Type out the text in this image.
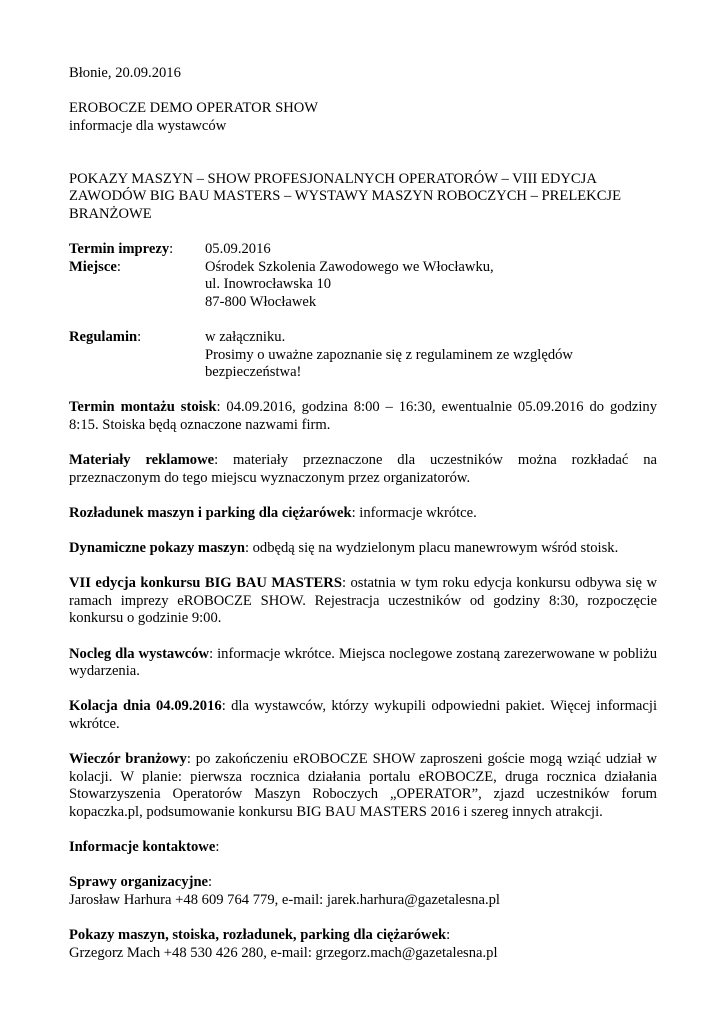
Błonie, 20.09.2016

EROBOCZE DEMO OPERATOR SHOW

informacje dla wystawców

POKAZY MASZYN – SHOW PROFESJONALNYCH OPERATORÓW – VIII EDYCJA
ZAWODÓW BIG BAU MASTERS – WYSTAWY MASZYN ROBOCZYCH – PRELEKCJE
BRANŻOWE
Termin imprezy:	05.09.2016
Miejsce:	Ośrodek Szkolenia Zawodowego we Włocławku,
ul. Inowrocławska 10
87-800 Włocławek
Regulamin:	w załączniku.
Prosimy o uważne zapoznanie się z regulaminem ze względów
bezpieczeństwa!

Termin montażu stoisk: 04.09.2016, godzina 8:00 – 16:30, ewentualnie 05.09.2016 do godziny 8:15. Stoiska będą oznaczone nazwami firm.

Materiały reklamowe: materiały przeznaczone dla uczestników można rozkładać na przeznaczonym do tego miejscu wyznaczonym przez organizatorów.

Rozładunek maszyn i parking dla ciężarówek: informacje wkrótce.

Dynamiczne pokazy maszyn: odbędą się na wydzielonym placu manewrowym wśród stoisk.

VII edycja konkursu BIG BAU MASTERS: ostatnia w tym roku edycja konkursu odbywa się w ramach imprezy eROBOCZE SHOW. Rejestracja uczestników od godziny 8:30, rozpoczęcie konkursu o godzinie 9:00.

Nocleg dla wystawców: informacje wkrótce. Miejsca noclegowe zostaną zarezerwowane w pobliżu wydarzenia.

Kolacja dnia 04.09.2016: dla wystawców, którzy wykupili odpowiedni pakiet. Więcej informacji wkrótce.

Wieczór branżowy: po zakończeniu eROBOCZE SHOW zaproszeni goście mogą wziąć udział w kolacji. W planie: pierwsza rocznica działania portalu eROBOCZE, druga rocznica działania Stowarzyszenia Operatorów Maszyn Roboczych „OPERATOR”, zjazd uczestników forum kopaczka.pl, podsumowanie konkursu BIG BAU MASTERS 2016 i szereg innych atrakcji.

Informacje kontaktowe:

Sprawy organizacyjne:

Jarosław Harhura +48 609 764 779, e-mail: jarek.harhura@gazetalesna.pl

Pokazy maszyn, stoiska, rozładunek, parking dla ciężarówek:

Grzegorz Mach +48 530 426 280, e-mail: grzegorz.mach@gazetalesna.pl
